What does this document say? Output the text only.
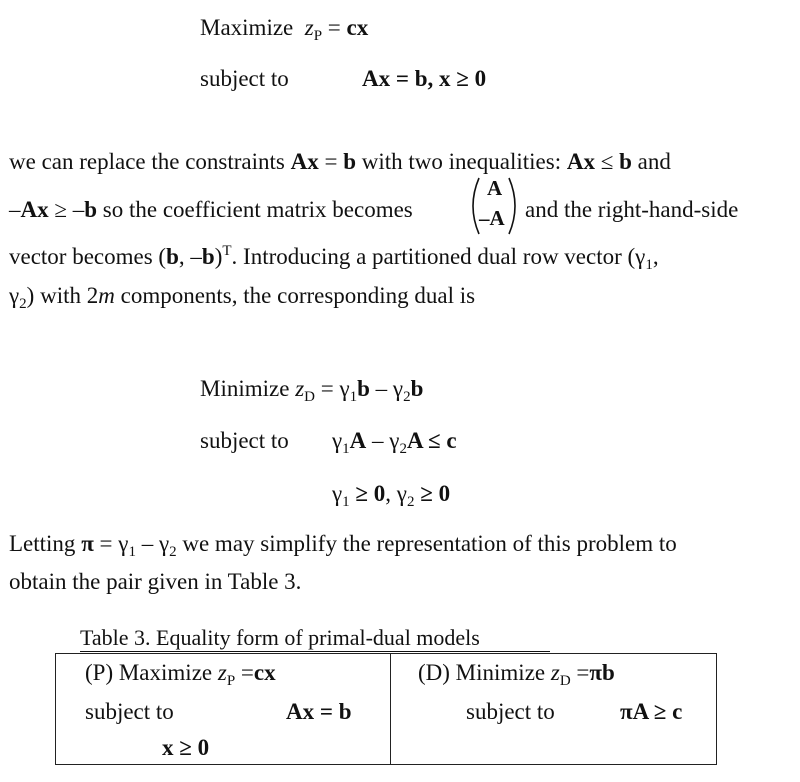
Maximize $z_P$ = cx
subject to	Ax = b, x ≥ 0
we can replace the constraints Ax = b with two inequalities: Ax ≤ b and
–Ax ≥ –b so the coefficient matrix becomes
A
–A and the right-hand-side
vector becomes (b, –b)$^T$. Introducing a partitioned dual row vector ($\gamma_1$,
$\gamma_2$) with 2m components, the corresponding dual is
Minimize $z_D = \gamma_1b - \gamma_2b$
subject to $\gamma_1A - \gamma_2A \le c$
$\gamma_1 \ge 0$, $\gamma_2 \ge 0$
Letting $\pi = \gamma_1 - \gamma_2$ we may simplify the representation of this problem to
obtain the pair given in Table 3.
Table 3. Equality form of primal-dual models
(P) Maximize $z_P =cx$
subject to	Ax = b
x ≥ 0
(D) Minimize $z_D =\pi b$
subject to	πA ≥ c
